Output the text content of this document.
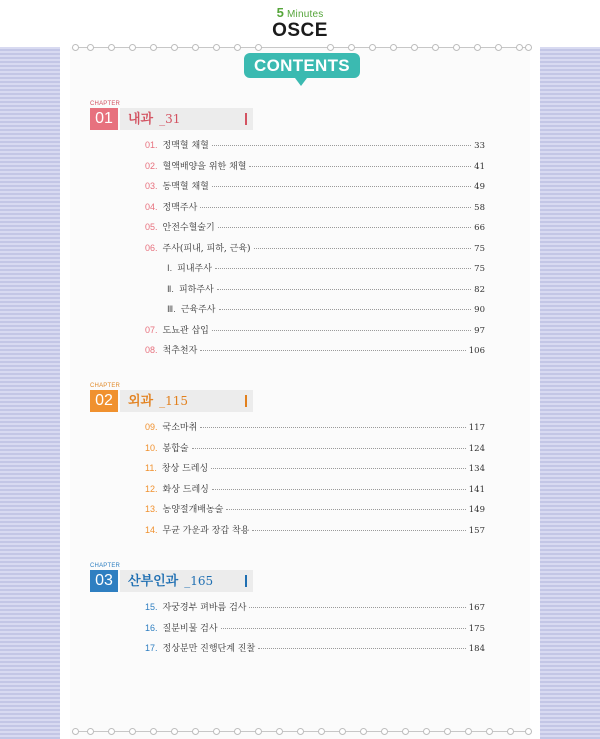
5 Minutes
OSCE
CONTENTS
CHAPTER
01	내과 _31
01. 정맥혈 채혈	33
02. 혈액배양을 위한 채혈	41
03. 동맥혈 채혈	49
04. 정맥주사	58
05. 안전수혈술기	66
06. 주사(피내, 피하, 근육)	75
Ⅰ. 피내주사	75
Ⅱ. 피하주사	82
Ⅲ. 근육주사	90
07. 도뇨관 삽입	97
08. 척추천자	106
CHAPTER
02	외과 _115
09. 국소마취	117
10. 봉합술	124
11. 창상 드레싱	134
12. 화상 드레싱	141
13. 농양절개배농술	149
14. 무균 가운과 장갑 착용	157
CHAPTER
03	산부인과 _165
15. 자궁경부 펴바름 검사	167
16. 질분비물 검사	175
17. 정상분만 진행단계 진찰	184
